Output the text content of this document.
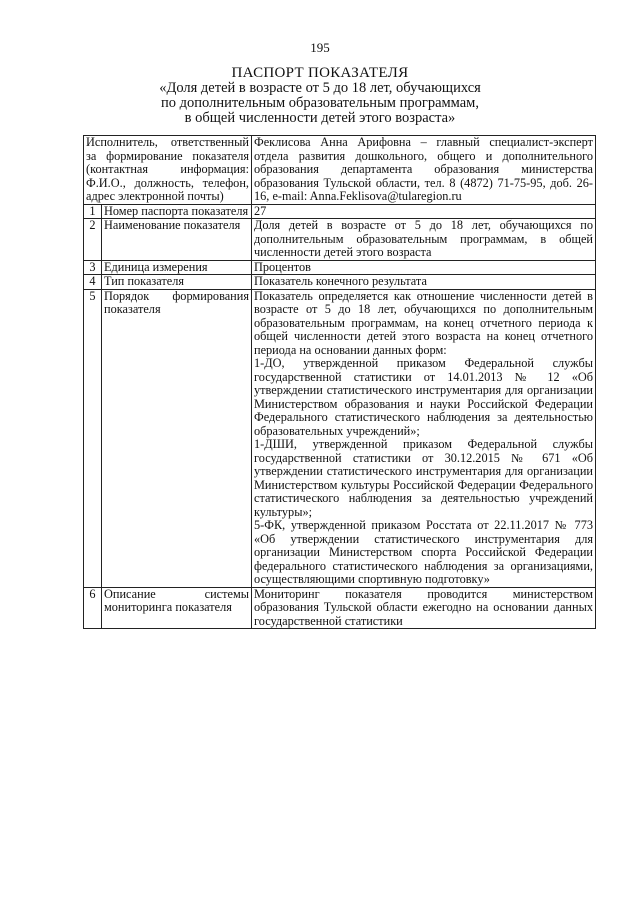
195
ПАСПОРТ ПОКАЗАТЕЛЯ
«Доля детей в возрасте от 5 до 18 лет, обучающихся
по дополнительным образовательным программам,
в общей численности детей этого возраста»
Исполнитель, ответственный за формирование показателя (контактная информация: Ф.И.О., должность, телефон, адрес электронной почты)		Феклисова Анна Арифовна – главный специалист-эксперт отдела развития дошкольного, общего и дополнительного образования департамента образования министерства образования Тульской области, тел. 8 (4872) 71-75-95, доб. 26-16, e-mail: Anna.Feklisova@tularegion.ru
1	Номер паспорта показателя	27
2	Наименование показателя	Доля детей в возрасте от 5 до 18 лет, обучающихся по дополнительным образовательным программам, в общей численности детей этого возраста
3	Единица измерения	Процентов
4	Тип показателя	Показатель конечного результата
5	Порядок формирования показателя	Показатель определяется как отношение численности детей в возрасте от 5 до 18 лет, обучающихся по дополнительным образовательным программам, на конец отчетного периода к общей численности детей этого возраста на конец отчетного периода на основании данных форм:
1-ДО, утвержденной приказом Федеральной службы государственной статистики от 14.01.2013 № 12 «Об утверждении статистического инструментария для организации Министерством образования и науки Российской Федерации Федерального статистического наблюдения за деятельностью образовательных учреждений»;
1-ДШИ, утвержденной приказом Федеральной службы государственной статистики от 30.12.2015 № 671 «Об утверждении статистического инструментария для организации Министерством культуры Российской Федерации Федерального статистического наблюдения за деятельностью учреждений культуры»;
5-ФК, утвержденной приказом Росстата от 22.11.2017 № 773 «Об утверждении статистического инструментария для организации Министерством спорта Российской Федерации федерального статистического наблюдения за организациями, осуществляющими спортивную подготовку»

6	Описание системы мониторинга показателя	Мониторинг показателя проводится министерством образования Тульской области ежегодно на основании данных государственной статистики
